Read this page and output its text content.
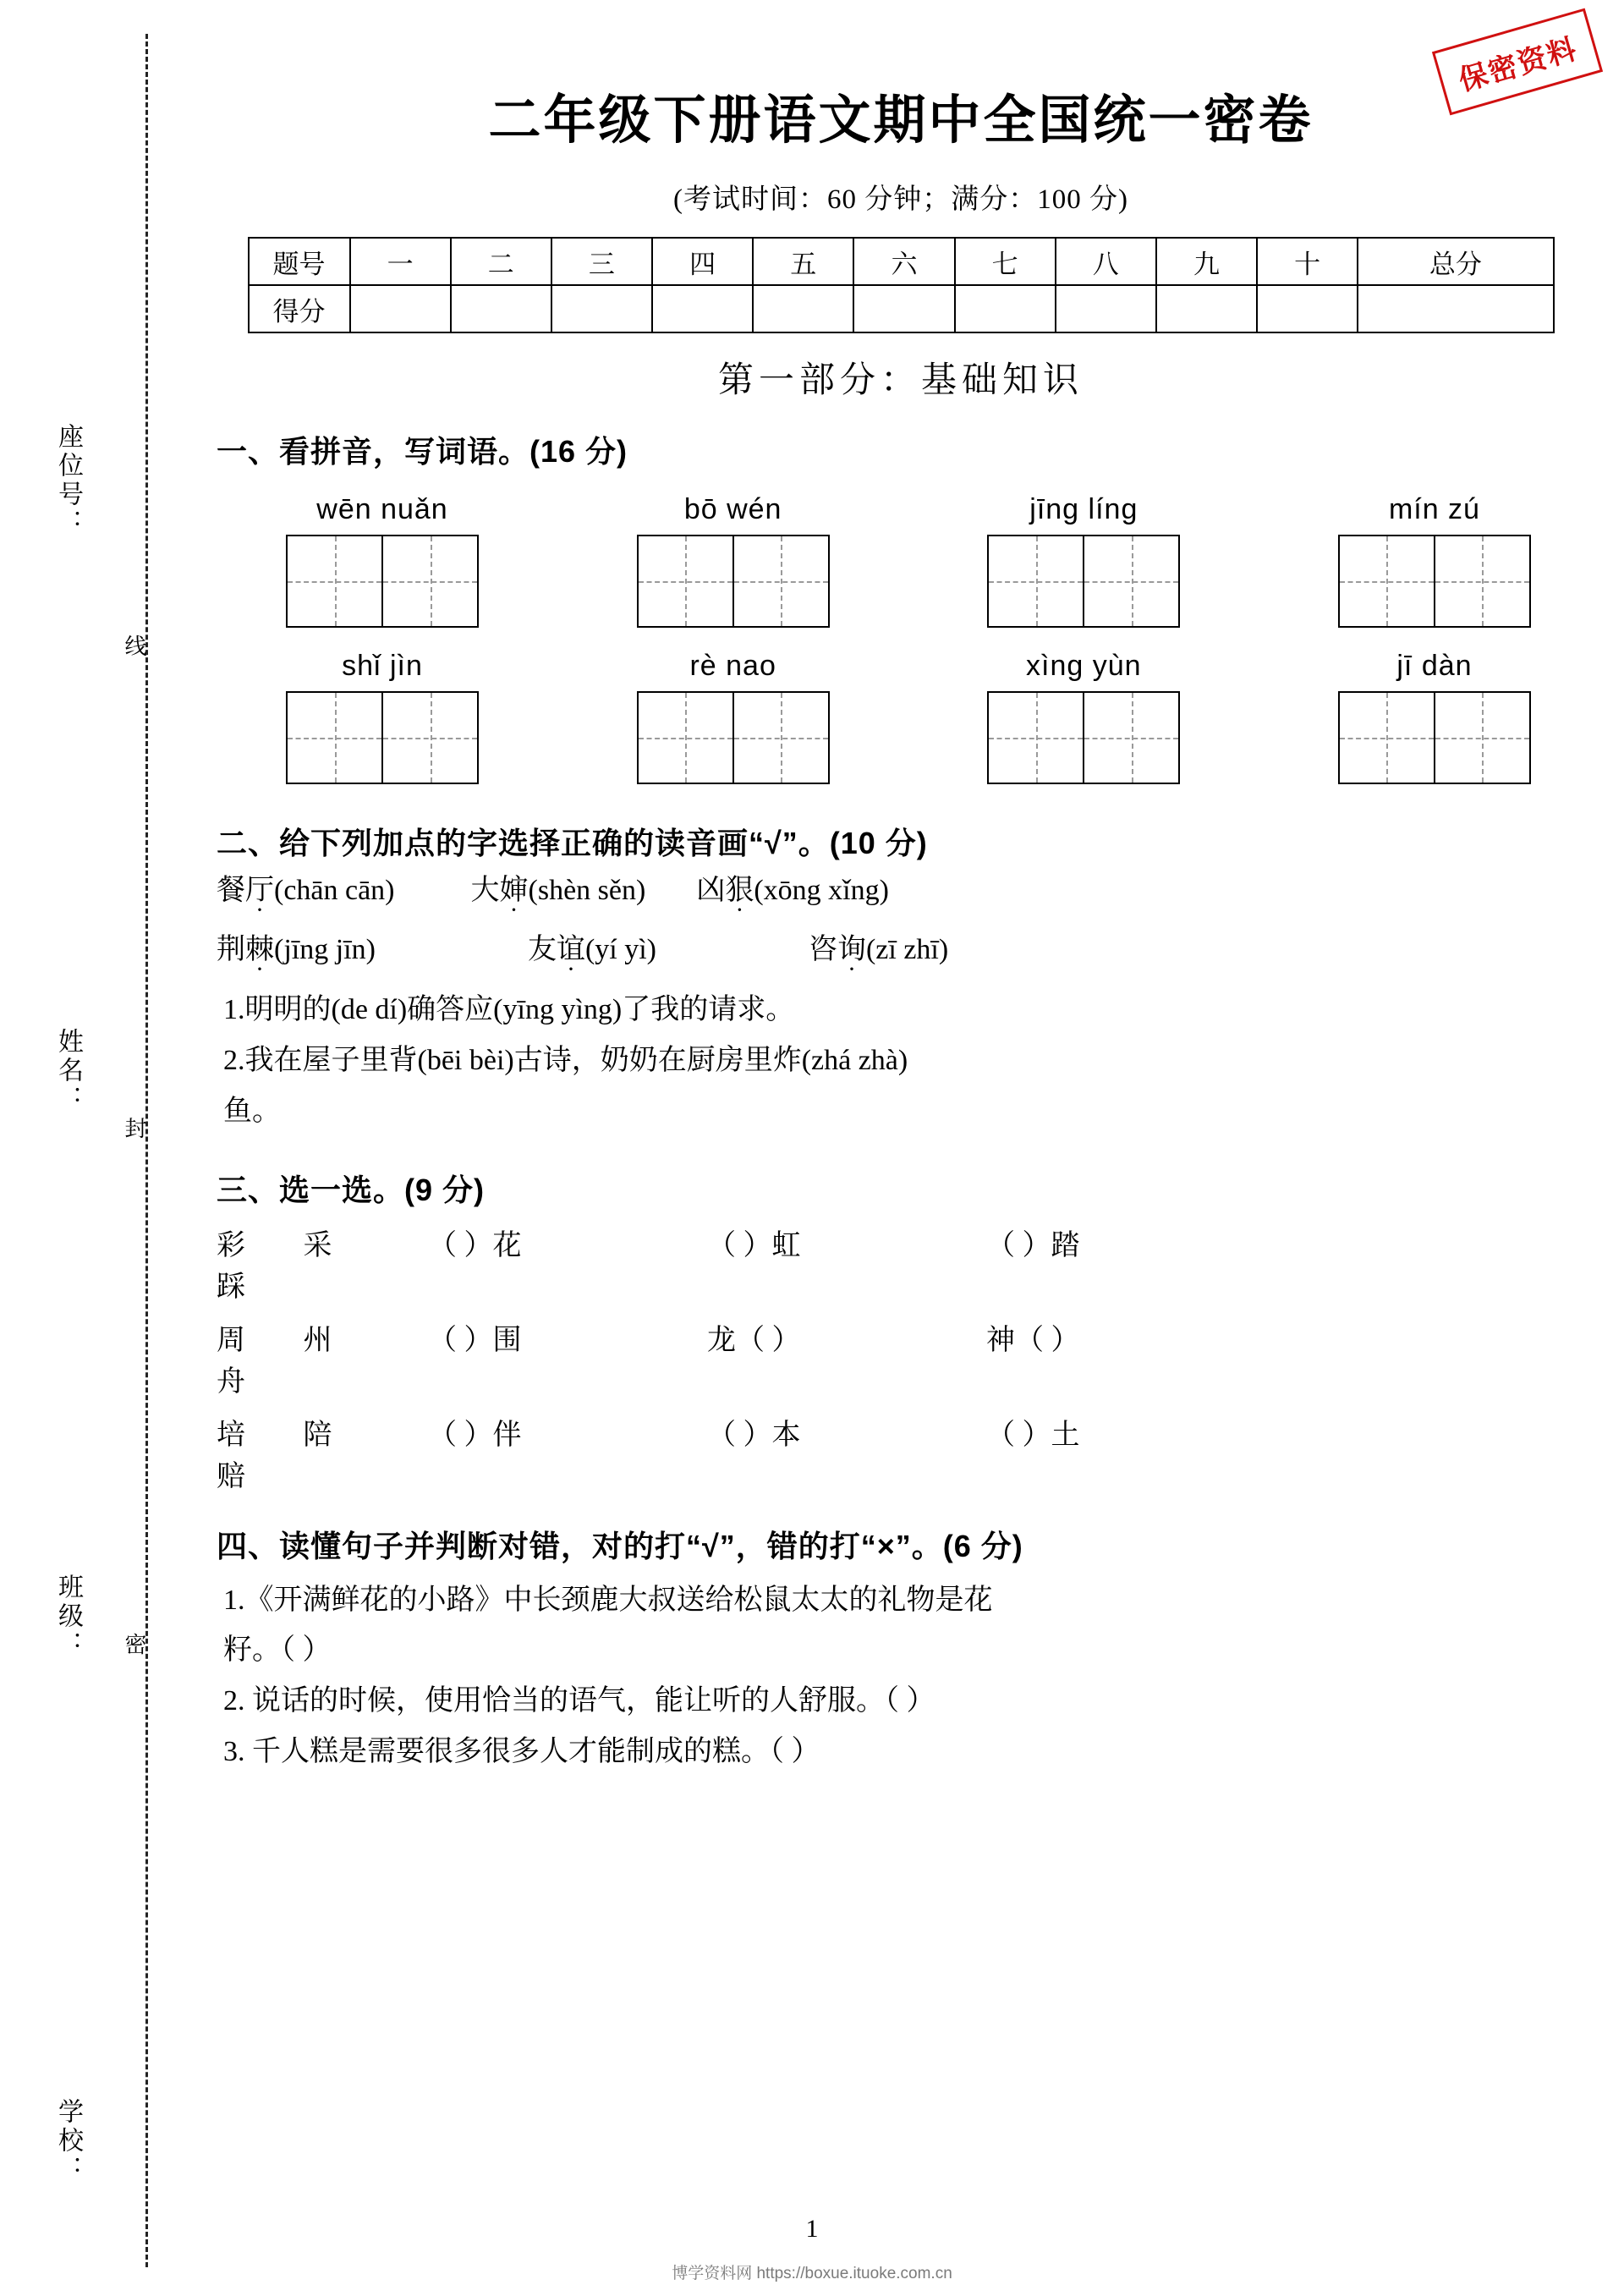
座位号：
姓名：
班级：
学校：
线
封
密
保密资料
二年级下册语文期中全国统一密卷
(考试时间：60 分钟；满分：100 分)
题号	一	二	三	四	五	六	七	八	九	十	总分
得分											
第一部分：基础知识
一、看拼音，写词语。(16 分)
wēn nuǎn	bō wén	jīng líng	mín zú
shǐ jìn	rè nao	xìng yùn	jī dàn
二、给下列加点的字选择正确的读音画“√”。(10 分)
餐厅(chān cān)	大婶(shèn sěn) 凶狠(xōng xǐng)
荆棘(jīng jīn)	友谊(yí yì)	咨询(zī zhī)
1.明明的(de dí)确答应(yīng yìng)了我的请求。
2.我在屋子里背(bēi bèi)古诗，奶奶在厨房里炸(zhá zhà)
鱼。
三、选一选。(9 分)
彩 采 踩
（ ）花	（ ）虹	（ ）踏
周 州 舟
（ ）围	龙（ ）	神（ ）
培 陪 赔
（ ）伴	（ ）本	（ ）土
四、读懂句子并判断对错，对的打“√”，错的打“×”。(6 分)
1.《开满鲜花的小路》中长颈鹿大叔送给松鼠太太的礼物是花
籽。（ ）
2. 说话的时候，使用恰当的语气，能让听的人舒服。（ ）
3. 千人糕是需要很多很多人才能制成的糕。（ ）
1
博学资料网 https://boxue.ituoke.com.cn
